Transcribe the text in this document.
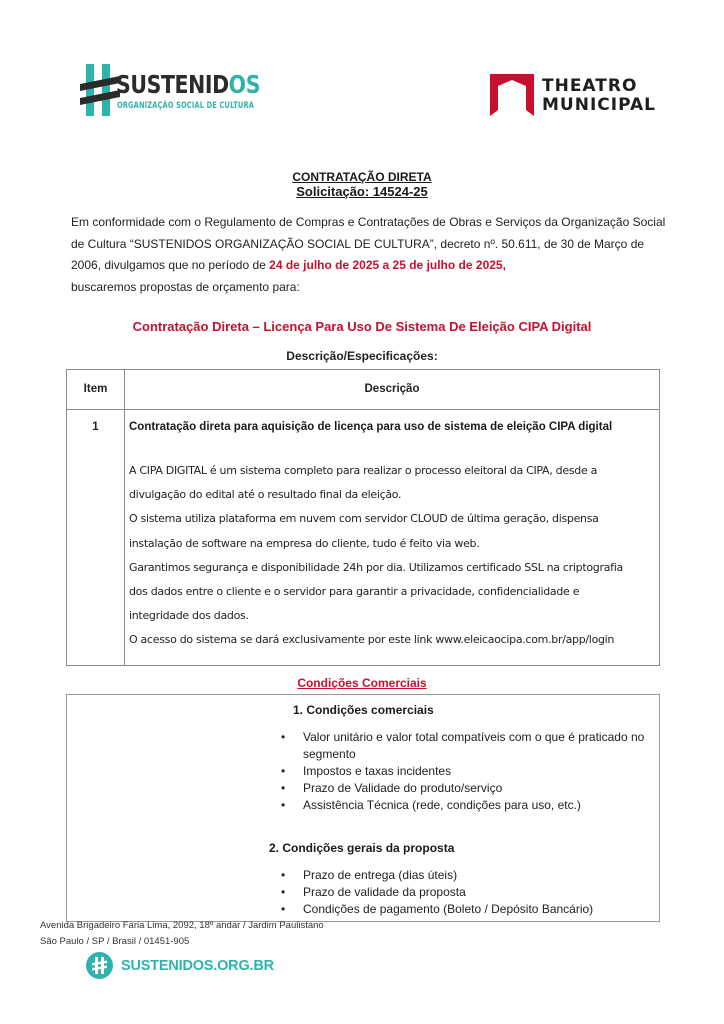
SUSTENIDOS
ORGANIZAÇÃO SOCIAL DE CULTURA
THEATRO
MUNICIPAL
CONTRATAÇÃO DIRETA
Solicitação: 14524-25
Em conformidade com o Regulamento de Compras e Contratações de Obras e Serviços da Organização Social de Cultura “SUSTENIDOS ORGANIZAÇÃO SOCIAL DE CULTURA”, decreto nº. 50.611, de 30 de Março de 2006, divulgamos que no período de 24 de julho de 2025 a 25 de julho de 2025,
buscaremos propostas de orçamento para:
Contratação Direta – Licença Para Uso De Sistema De Eleição CIPA Digital
Descrição/Especificações:
Item	Descrição
1	Contratação direta para aquisição de licença para uso de sistema de eleição CIPA digital
A CIPA DIGITAL é um sistema completo para realizar o processo eleitoral da CIPA, desde a
divulgação do edital até o resultado final da eleição.
O sistema utiliza plataforma em nuvem com servidor CLOUD de última geração, dispensa
instalação de software na empresa do cliente, tudo é feito via web.
Garantimos segurança e disponibilidade 24h por dia. Utilizamos certificado SSL na criptografia
dos dados entre o cliente e o servidor para garantir a privacidade, confidencialidade e
integridade dos dados.
O acesso do sistema se dará exclusivamente por este link www.eleicaocipa.com.br/app/login
Condições Comerciais
1. Condições comerciais
• Valor unitário e valor total compatíveis com o que é praticado no segmento
• Impostos e taxas incidentes
• Prazo de Validade do produto/serviço
• Assistência Técnica (rede, condições para uso, etc.)
2. Condições gerais da proposta
• Prazo de entrega (dias úteis)
• Prazo de validade da proposta
• Condições de pagamento (Boleto / Depósito Bancário)
Avenida Brigadeiro Faria Lima, 2092, 18º andar / Jardim Paulistano
São Paulo / SP / Brasil / 01451-905
SUSTENIDOS.ORG.BR
